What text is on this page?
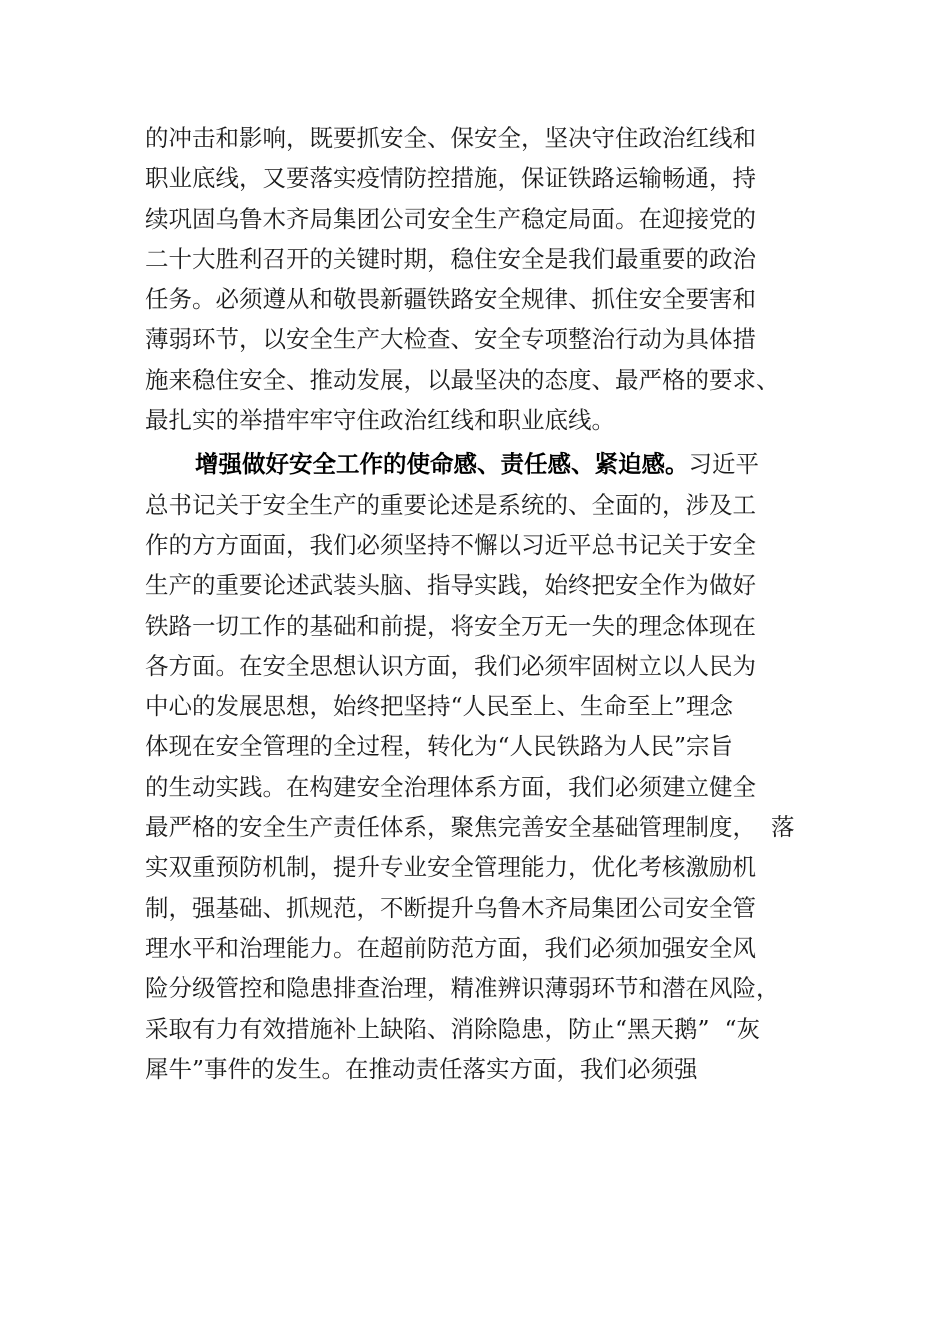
的冲击和影响，既要抓安全、保安全，坚决守住政治红线和
职业底线，又要落实疫情防控措施，保证铁路运输畅通，持
续巩固乌鲁木齐局集团公司安全生产稳定局面。在迎接党的
二十大胜利召开的关键时期，稳住安全是我们最重要的政治
任务。必须遵从和敬畏新疆铁路安全规律、抓住安全要害和
薄弱环节，以安全生产大检查、安全专项整治行动为具体措
施来稳住安全、推动发展，以最坚决的态度、最严格的要求、
最扎实的举措牢牢守住政治红线和职业底线。
增强做好安全工作的使命感、责任感、紧迫感。习近平
总书记关于安全生产的重要论述是系统的、全面的，涉及工
作的方方面面，我们必须坚持不懈以习近平总书记关于安全
生产的重要论述武装头脑、指导实践，始终把安全作为做好
铁路一切工作的基础和前提，将安全万无一失的理念体现在
各方面。在安全思想认识方面，我们必须牢固树立以人民为
中心的发展思想，始终把坚持“人民至上、生命至上”理念
体现在安全管理的全过程，转化为“人民铁路为人民”宗旨
的生动实践。在构建安全治理体系方面，我们必须建立健全
最严格的安全生产责任体系，聚焦完善安全基础管理制度，  落
实双重预防机制，提升专业安全管理能力，优化考核激励机
制，强基础、抓规范，不断提升乌鲁木齐局集团公司安全管
理水平和治理能力。在超前防范方面，我们必须加强安全风
险分级管控和隐患排查治理，精准辨识薄弱环节和潜在风险，
采取有力有效措施补上缺陷、消除隐患，防止“黑天鹅”  “灰
犀牛”事件的发生。在推动责任落实方面，我们必须强
